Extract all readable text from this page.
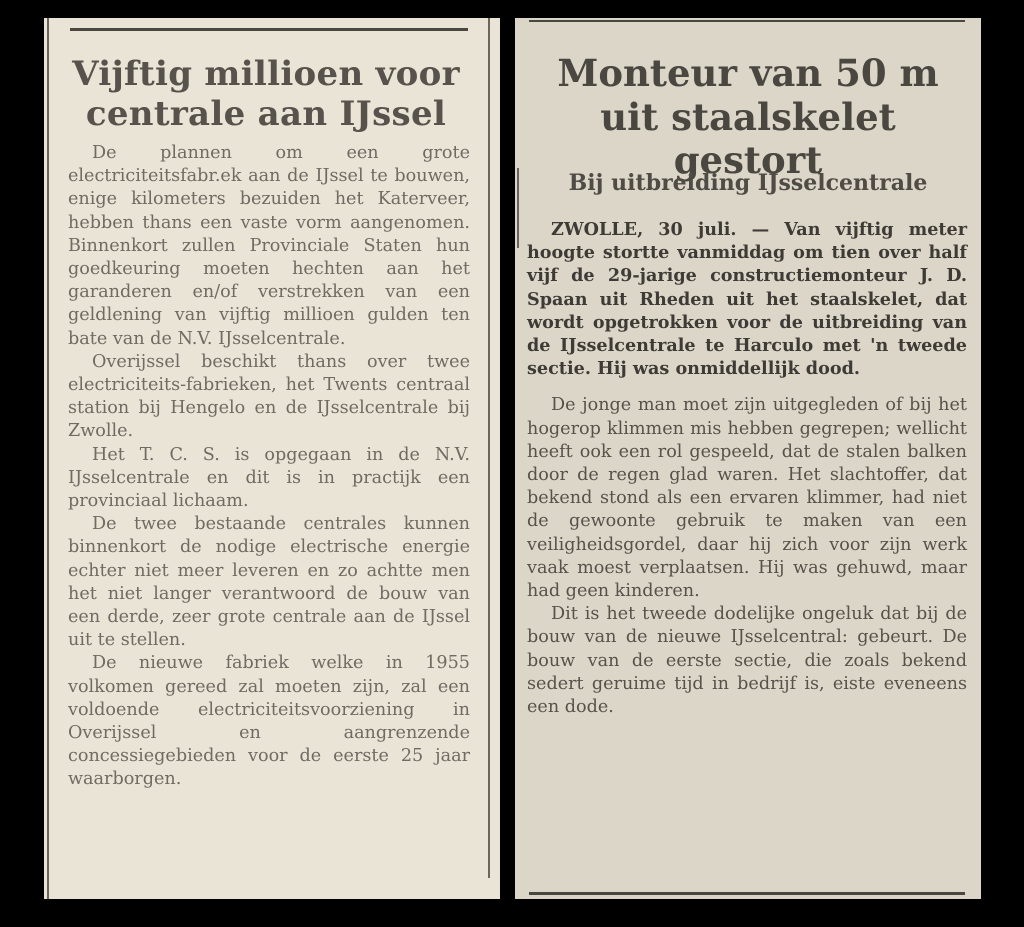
Vijftig millioen voor centrale aan IJssel

De plannen om een grote electriciteitsfabr.ek aan de IJssel te bouwen, enige kilometers bezuiden het Katerveer, hebben thans een vaste vorm aangenomen. Binnenkort zullen Provinciale Staten hun goedkeuring moeten hechten aan het garanderen en/of verstrekken van een geldlening van vijftig millioen gulden ten bate van de N.V. IJsselcentrale.

Overijssel beschikt thans over twee electriciteits-fabrieken, het Twents centraal station bij Hengelo en de IJsselcentrale bij Zwolle.

Het T. C. S. is opgegaan in de N.V. IJsselcentrale en dit is in practijk een provinciaal lichaam.

De twee bestaande centrales kunnen binnenkort de nodige electrische energie echter niet meer leveren en zo achtte men het niet langer verantwoord de bouw van een derde, zeer grote centrale aan de IJssel uit te stellen.

De nieuwe fabriek welke in 1955 volkomen gereed zal moeten zijn, zal een voldoende electriciteitsvoorziening in Overijssel en aangrenzende concessiegebieden voor de eerste 25 jaar waarborgen.

Monteur van 50 m uit staalskelet gestort
Bij uitbreiding IJsselcentrale

ZWOLLE, 30 juli. — Van vijftig meter hoogte stortte vanmiddag om tien over half vijf de 29-jarige constructiemonteur J. D. Spaan uit Rheden uit het staalskelet, dat wordt opgetrokken voor de uitbreiding van de IJsselcentrale te Harculo met 'n tweede sectie. Hij was onmiddellijk dood.

De jonge man moet zijn uitgegleden of bij het hogerop klimmen mis hebben gegrepen; wellicht heeft ook een rol gespeeld, dat de stalen balken door de regen glad waren. Het slachtoffer, dat bekend stond als een ervaren klimmer, had niet de gewoonte gebruik te maken van een veiligheidsgordel, daar hij zich voor zijn werk vaak moest verplaatsen. Hij was gehuwd, maar had geen kinderen.

Dit is het tweede dodelijke ongeluk dat bij de bouw van de nieuwe IJsselcentral: gebeurt. De bouw van de eerste sectie, die zoals bekend sedert geruime tijd in bedrijf is, eiste eveneens een dode.
